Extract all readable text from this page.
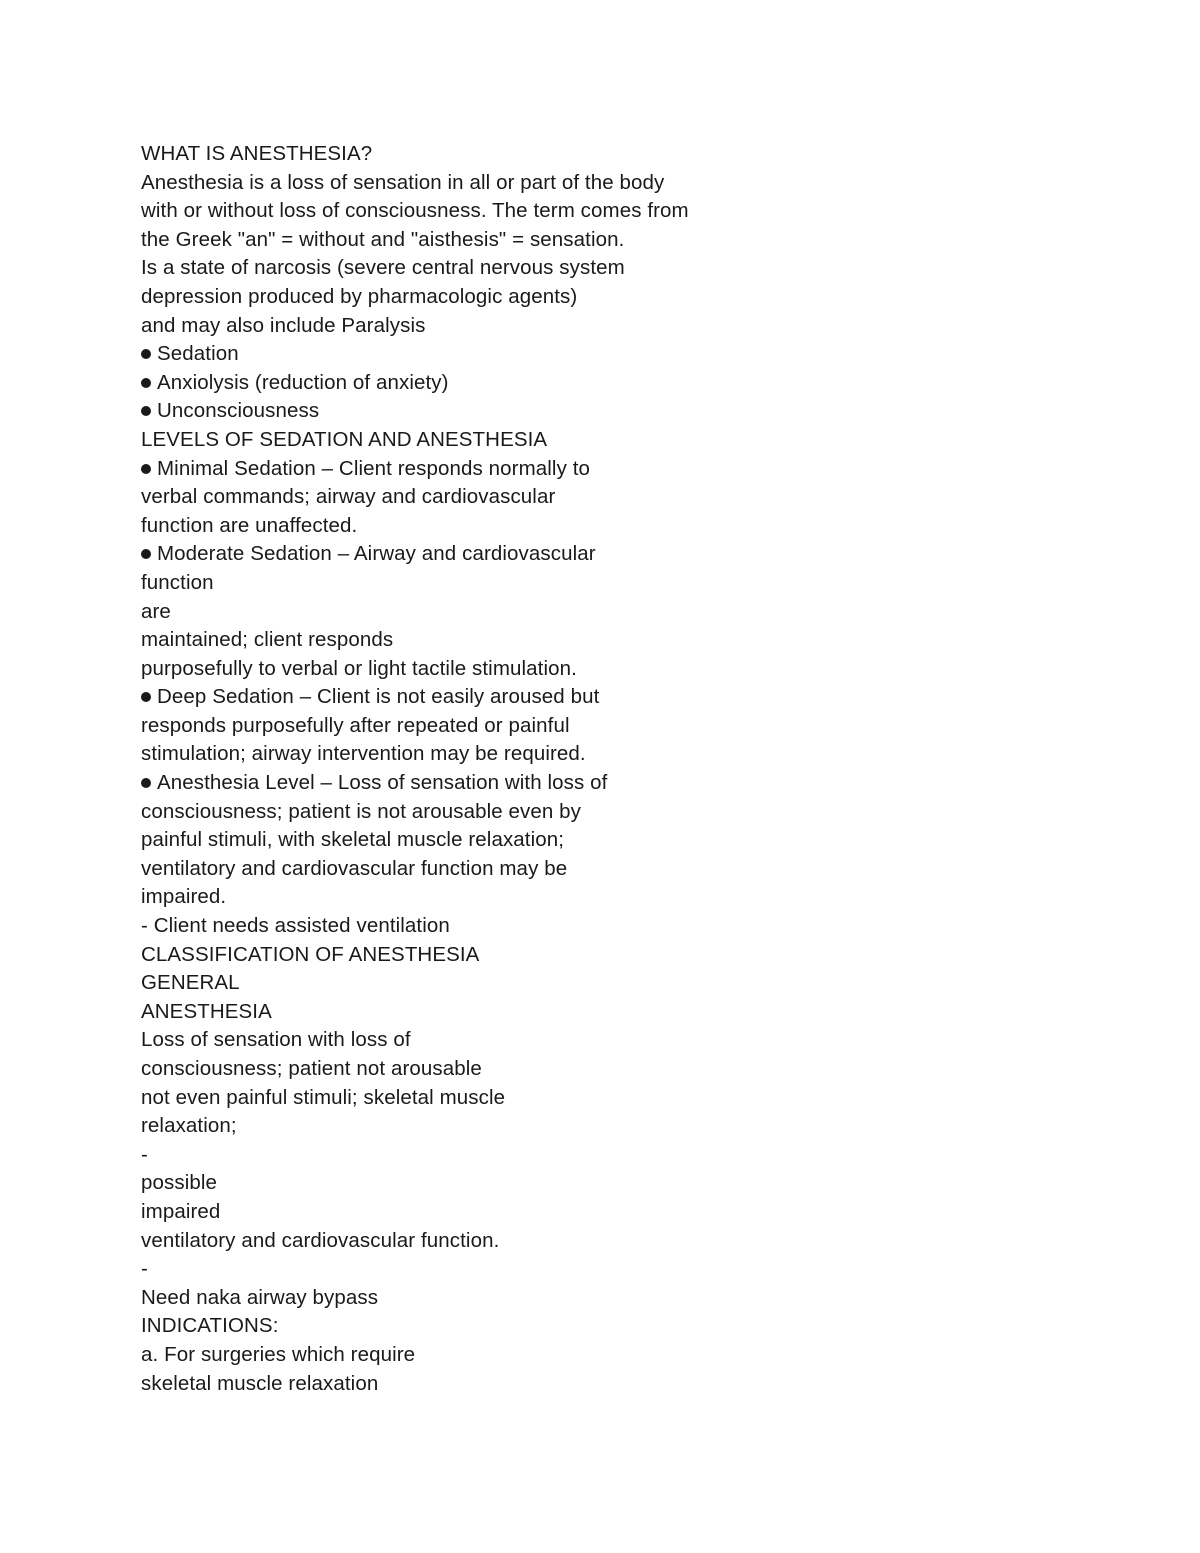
WHAT IS ANESTHESIA?
Anesthesia is a loss of sensation in all or part of the body
with or without loss of consciousness. The term comes from
the Greek "an" = without and "aisthesis" = sensation.
Is a state of narcosis (severe central nervous system
depression produced by pharmacologic agents)
and may also include Paralysis
Sedation
Anxiolysis (reduction of anxiety)
Unconsciousness
LEVELS OF SEDATION AND ANESTHESIA
Minimal Sedation – Client responds normally to
verbal commands; airway and cardiovascular
function are unaffected.
Moderate Sedation – Airway and cardiovascular
function
are
maintained; client responds
purposefully to verbal or light tactile stimulation.
Deep Sedation – Client is not easily aroused but
responds purposefully after repeated or painful
stimulation; airway intervention may be required.
Anesthesia Level – Loss of sensation with loss of
consciousness; patient is not arousable even by
painful stimuli, with skeletal muscle relaxation;
ventilatory and cardiovascular function may be
impaired.
- Client needs assisted ventilation
CLASSIFICATION OF ANESTHESIA
GENERAL
ANESTHESIA
Loss of sensation with loss of
consciousness; patient not arousable
not even painful stimuli; skeletal muscle
relaxation;
-
possible
impaired
ventilatory and cardiovascular function.
-
Need naka airway bypass
INDICATIONS:
a. For surgeries which require
skeletal muscle relaxation
